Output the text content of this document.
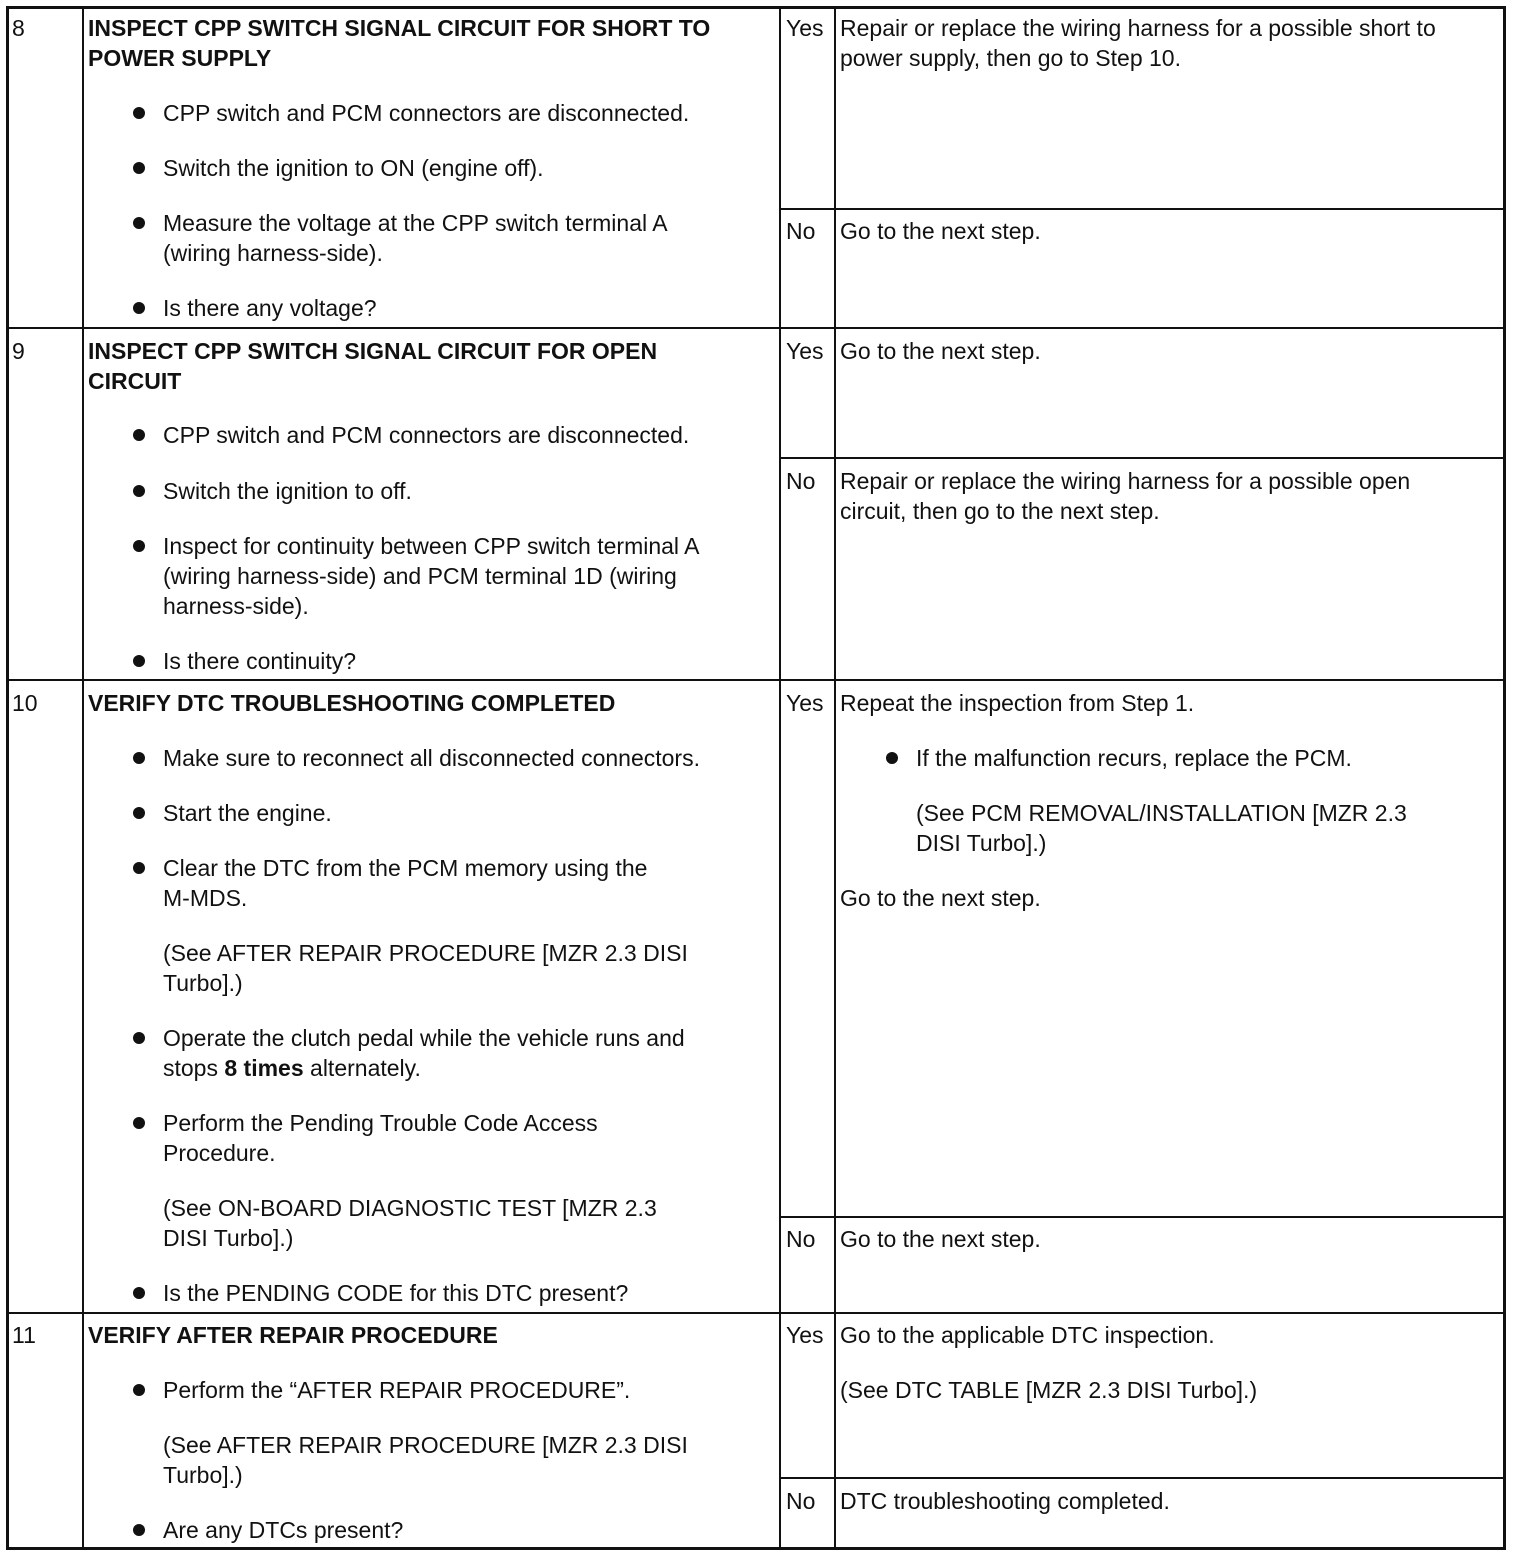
8	INSPECT CPP SWITCH SIGNAL CIRCUIT FOR SHORT TO
POWER SUPPLY
CPP switch and PCM connectors are disconnected.
Switch the ignition to ON (engine off).
Measure the voltage at the CPP switch terminal A
(wiring harness-side).
Is there any voltage?
Yes Repair or replace the wiring harness for a possible short to
power supply, then go to Step 10.
No Go to the next step.
9	INSPECT CPP SWITCH SIGNAL CIRCUIT FOR OPEN
CIRCUIT
CPP switch and PCM connectors are disconnected.
Switch the ignition to off.
Inspect for continuity between CPP switch terminal A
(wiring harness-side) and PCM terminal 1D (wiring
harness-side).
Is there continuity?
Yes Go to the next step.
No Repair or replace the wiring harness for a possible open
circuit, then go to the next step.
10 VERIFY DTC TROUBLESHOOTING COMPLETED
Make sure to reconnect all disconnected connectors.
Start the engine.
Clear the DTC from the PCM memory using the
M-MDS.
(See AFTER REPAIR PROCEDURE [MZR 2.3 DISI
Turbo].)
Operate the clutch pedal while the vehicle runs and
stops 8 times alternately.
Perform the Pending Trouble Code Access
Procedure.
(See ON-BOARD DIAGNOSTIC TEST [MZR 2.3
DISI Turbo].)
Is the PENDING CODE for this DTC present?
Yes Repeat the inspection from Step 1.
If the malfunction recurs, replace the PCM.
(See PCM REMOVAL/INSTALLATION [MZR 2.3
DISI Turbo].)
Go to the next step.
No Go to the next step.
11 VERIFY AFTER REPAIR PROCEDURE
Perform the “AFTER REPAIR PROCEDURE”.
(See AFTER REPAIR PROCEDURE [MZR 2.3 DISI
Turbo].)
Are any DTCs present?
Yes Go to the applicable DTC inspection.
(See DTC TABLE [MZR 2.3 DISI Turbo].)
No DTC troubleshooting completed.
